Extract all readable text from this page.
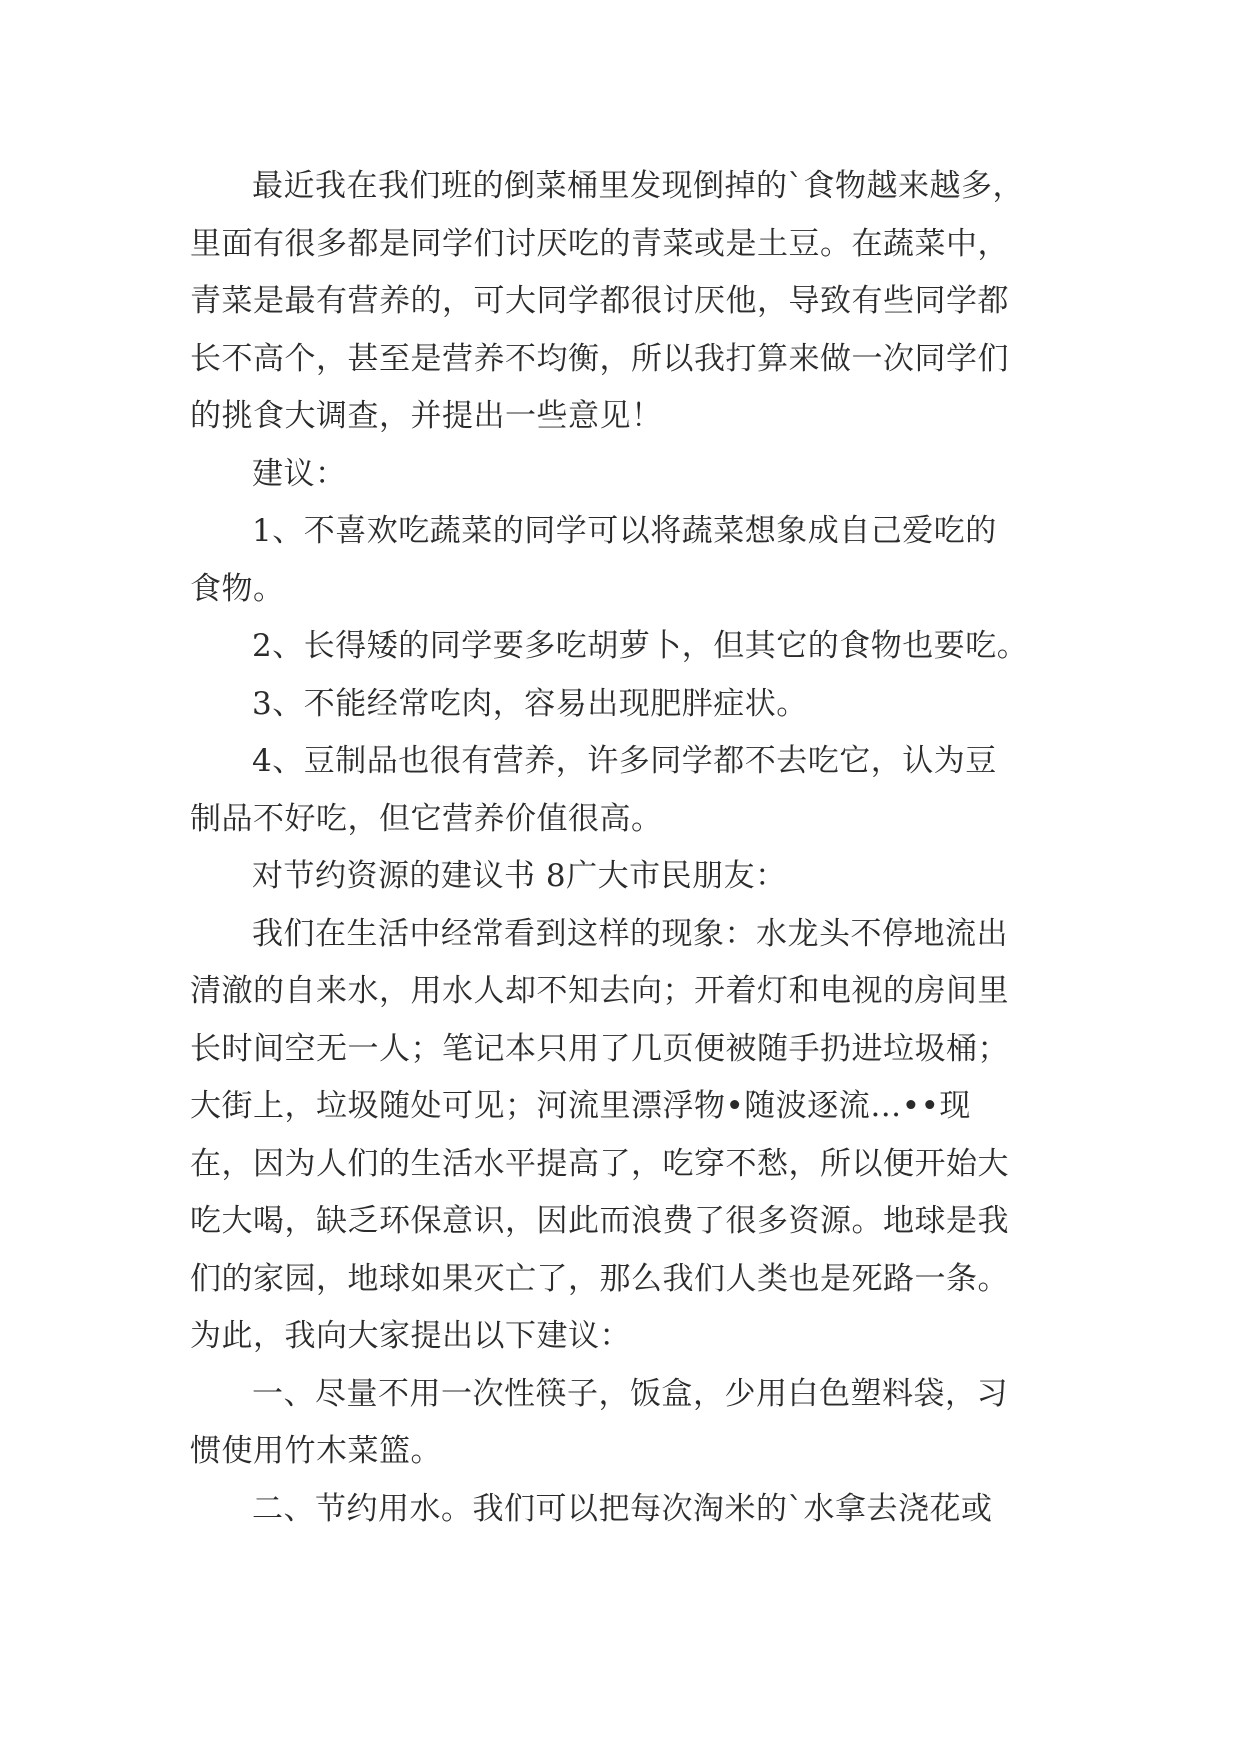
最近我在我们班的倒菜桶里发现倒掉的`食物越来越多，
里面有很多都是同学们讨厌吃的青菜或是土豆。在蔬菜中，
青菜是最有营养的，可大同学都很讨厌他，导致有些同学都
长不高个，甚至是营养不均衡，所以我打算来做一次同学们
的挑食大调查，并提出一些意见！
建议：
1、不喜欢吃蔬菜的同学可以将蔬菜想象成自己爱吃的
食物。
2、长得矮的同学要多吃胡萝卜，但其它的食物也要吃。
3、不能经常吃肉，容易出现肥胖症状。
4、豆制品也很有营养，许多同学都不去吃它，认为豆
制品不好吃，但它营养价值很高。
对节约资源的建议书 8广大市民朋友：
我们在生活中经常看到这样的现象：水龙头不停地流出
清澈的自来水，用水人却不知去向；开着灯和电视的房间里
长时间空无一人；笔记本只用了几页便被随手扔进垃圾桶；
大街上，垃圾随处可见；河流里漂浮物•随波逐流…••现
在，因为人们的生活水平提高了，吃穿不愁，所以便开始大
吃大喝，缺乏环保意识，因此而浪费了很多资源。地球是我
们的家园，地球如果灭亡了，那么我们人类也是死路一条。
为此，我向大家提出以下建议：
一、尽量不用一次性筷子，饭盒，少用白色塑料袋，习
惯使用竹木菜篮。
二、节约用水。我们可以把每次淘米的`水拿去浇花或
